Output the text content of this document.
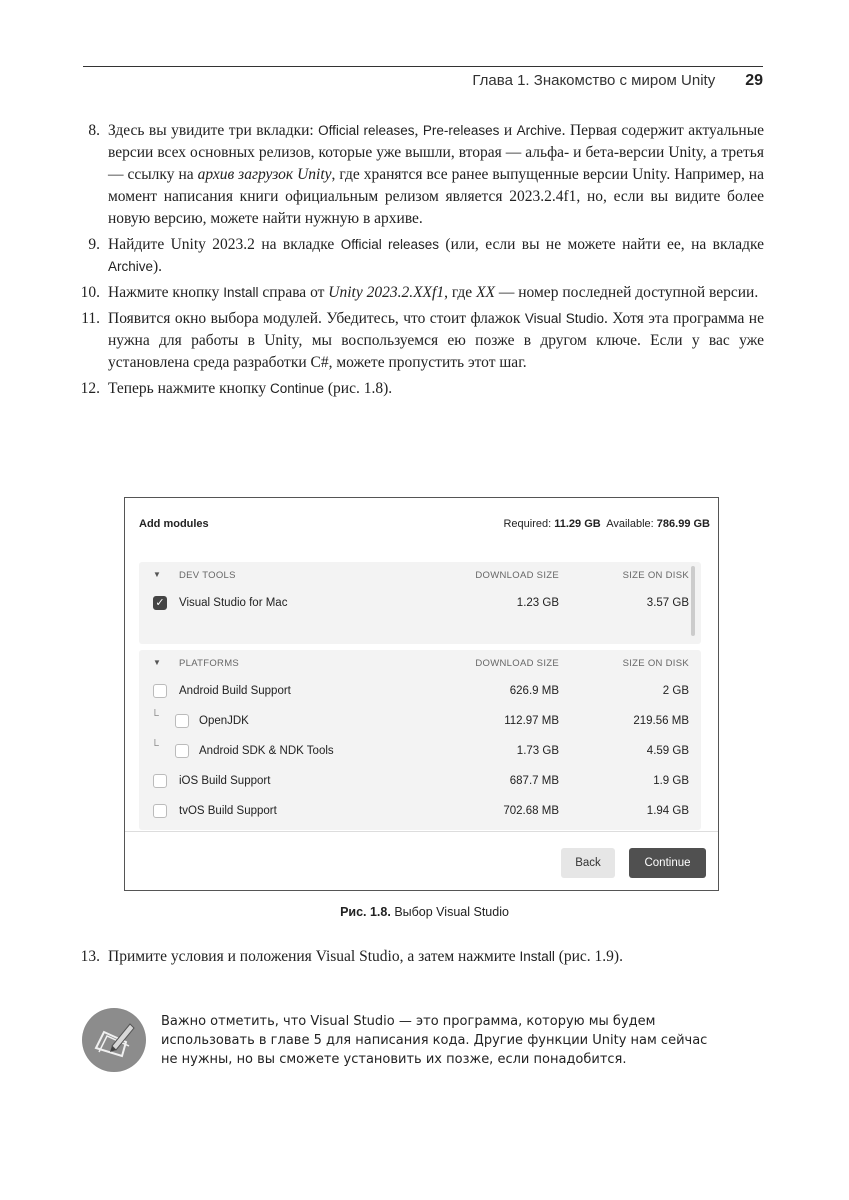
Глава 1. Знакомство с миром Unity 29
8. Здесь вы увидите три вкладки: Official releases, Pre-releases и Archive. Первая содержит актуальные версии всех основных релизов, которые уже вышли, вторая — альфа- и бета-версии Unity, а третья — ссылку на архив загрузок Unity, где хранятся все ранее выпущенные версии Unity. Например, на момент написания книги официальным релизом является 2023.2.4f1, но, если вы видите более новую версию, можете найти нужную в архиве.
9. Найдите Unity 2023.2 на вкладке Official releases (или, если вы не можете найти ее, на вкладке Archive).
10. Нажмите кнопку Install справа от Unity 2023.2.XXf1, где XX — номер последней доступной версии.
11. Появится окно выбора модулей. Убедитесь, что стоит флажок Visual Studio. Хотя эта программа не нужна для работы в Unity, мы воспользуемся ею позже в другом ключе. Если у вас уже установлена среда разработки C#, можете пропустить этот шаг.
12. Теперь нажмите кнопку Continue (рис. 1.8).
Add modules	Required: 11.29 GB Available: 786.99 GB
▼ DEV TOOLS	DOWNLOAD SIZE	SIZE ON DISK
✓ Visual Studio for Mac	1.23 GB	3.57 GB
▼ PLATFORMS	DOWNLOAD SIZE	SIZE ON DISK
Android Build Support	626.9 MB	2 GB
└	OpenJDK	112.97 MB	219.56 MB
└	Android SDK & NDK Tools	1.73 GB	4.59 GB
iOS Build Support	687.7 MB	1.9 GB
tvOS Build Support	702.68 MB	1.94 GB
Back	Continue
Рис. 1.8. Выбор Visual Studio
13. Примите условия и положения Visual Studio, а затем нажмите Install (рис. 1.9).
Важно отметить, что Visual Studio — это программа, которую мы будем использовать в главе 5 для написания кода. Другие функции Unity нам сейчас не нужны, но вы сможете установить их позже, если понадобится.
